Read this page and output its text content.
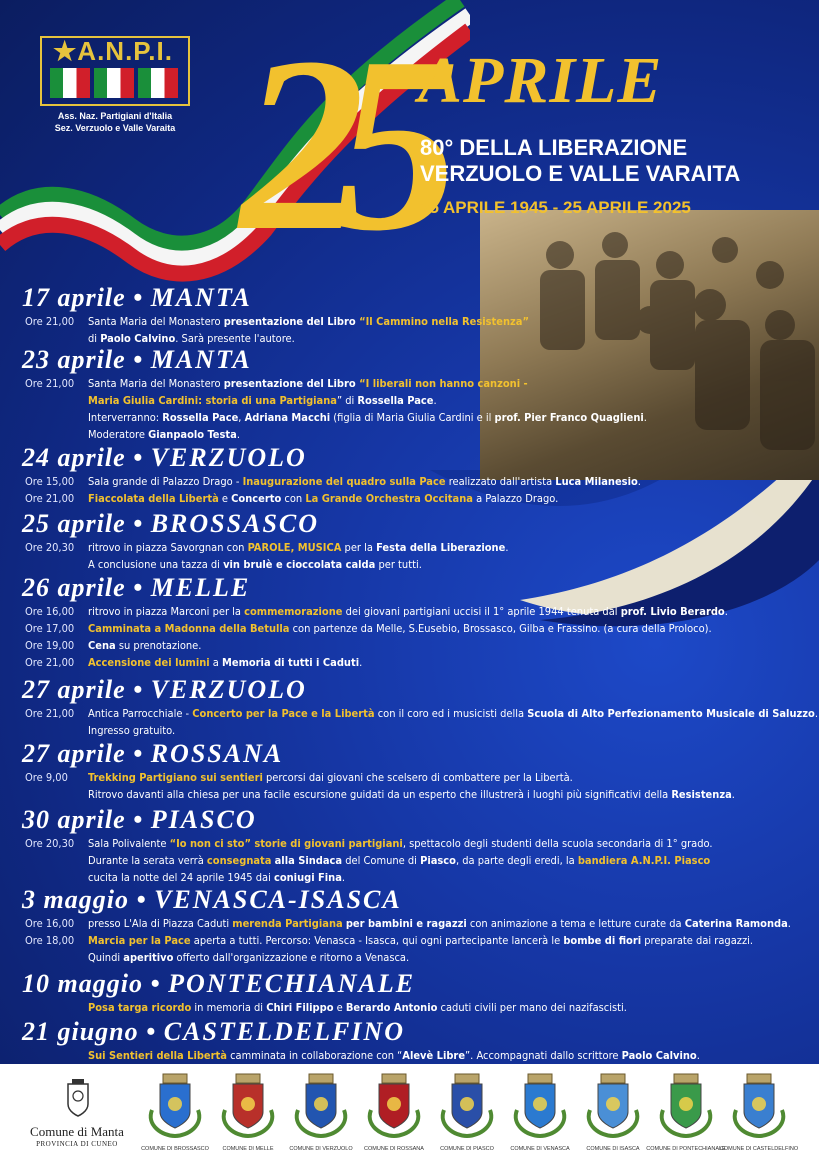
25
★A.N.P.I.
Ass. Naz. Partigiani d'Italia
Sez. Verzuolo e Valle Varaita
APRILE
80° DELLA LIBERAZIONE
VERZUOLO E VALLE VARAITA
25 APRILE 1945 - 25 APRILE 2025
17 aprile • MANTA
Ore 21,00	Santa Maria del Monastero presentazione del Libro “Il Cammino nella Resistenza”
di Paolo Calvino. Sarà presente l'autore.
23 aprile • MANTA
Ore 21,00	Santa Maria del Monastero presentazione del Libro “I liberali non hanno canzoni -
Maria Giulia Cardini: storia di una Partigiana” di Rossella Pace.
Interverranno: Rossella Pace, Adriana Macchi (figlia di Maria Giulia Cardini e il prof. Pier Franco Quaglieni.
Moderatore Gianpaolo Testa.
24 aprile • VERZUOLO
Ore 15,00	Sala grande di Palazzo Drago - Inaugurazione del quadro sulla Pace realizzato dall'artista Luca Milanesio.
Ore 21,00	Fiaccolata della Libertà e Concerto con La Grande Orchestra Occitana a Palazzo Drago.
25 aprile • BROSSASCO
Ore 20,30	ritrovo in piazza Savorgnan con PAROLE, MUSICA per la Festa della Liberazione.
A conclusione una tazza di vin brulè e cioccolata calda per tutti.
26 aprile • MELLE
Ore 16,00	ritrovo in piazza Marconi per la commemorazione dei giovani partigiani uccisi il 1° aprile 1944 tenuta dal prof. Livio Berardo.
Ore 17,00	Camminata a Madonna della Betulla con partenze da Melle, S.Eusebio, Brossasco, Gilba e Frassino. (a cura della Proloco).
Ore 19,00	Cena su prenotazione.
Ore 21,00	Accensione dei lumini a Memoria di tutti i Caduti.
27 aprile • VERZUOLO
Ore 21,00	Antica Parrocchiale - Concerto per la Pace e la Libertà con il coro ed i musicisti della Scuola di Alto Perfezionamento Musicale di Saluzzo.
Ingresso gratuito.
27 aprile • ROSSANA
Ore 9,00	Trekking Partigiano sui sentieri percorsi dai giovani che scelsero di combattere per la Libertà.
Ritrovo davanti alla chiesa per una facile escursione guidati da un esperto che illustrerà i luoghi più significativi della Resistenza.
30 aprile • PIASCO
Ore 20,30	Sala Polivalente “Io non ci sto” storie di giovani partigiani, spettacolo degli studenti della scuola secondaria di 1° grado.
Durante la serata verrà consegnata alla Sindaca del Comune di Piasco, da parte degli eredi, la bandiera A.N.P.I. Piasco
cucita la notte del 24 aprile 1945 dai coniugi Fina.
3 maggio • VENASCA-ISASCA
Ore 16,00	presso L'Ala di Piazza Caduti merenda Partigiana per bambini e ragazzi con animazione a tema e letture curate da Caterina Ramonda.
Ore 18,00	Marcia per la Pace aperta a tutti. Percorso: Venasca - Isasca, qui ogni partecipante lancerà le bombe di fiori preparate dai ragazzi.
Quindi aperitivo offerto dall'organizzazione e ritorno a Venasca.
10 maggio • PONTECHIANALE
Posa targa ricordo in memoria di Chiri Filippo e Berardo Antonio caduti civili per mano dei nazifascisti.
21 giugno • CASTELDELFINO
Sui Sentieri della Libertà camminata in collaborazione con “Alevè Libre”. Accompagnati dallo scrittore Paolo Calvino.
Comune di Manta
PROVINCIA DI CUNEO
COMUNE DI BROSSASCO	COMUNE DI MELLE	COMUNE DI VERZUOLO	COMUNE DI ROSSANA	COMUNE DI PIASCO	COMUNE DI VENASCA	COMUNE DI ISASCA	COMUNE DI PONTECHIANALE
COMUNE DI CASTELDELFINO
